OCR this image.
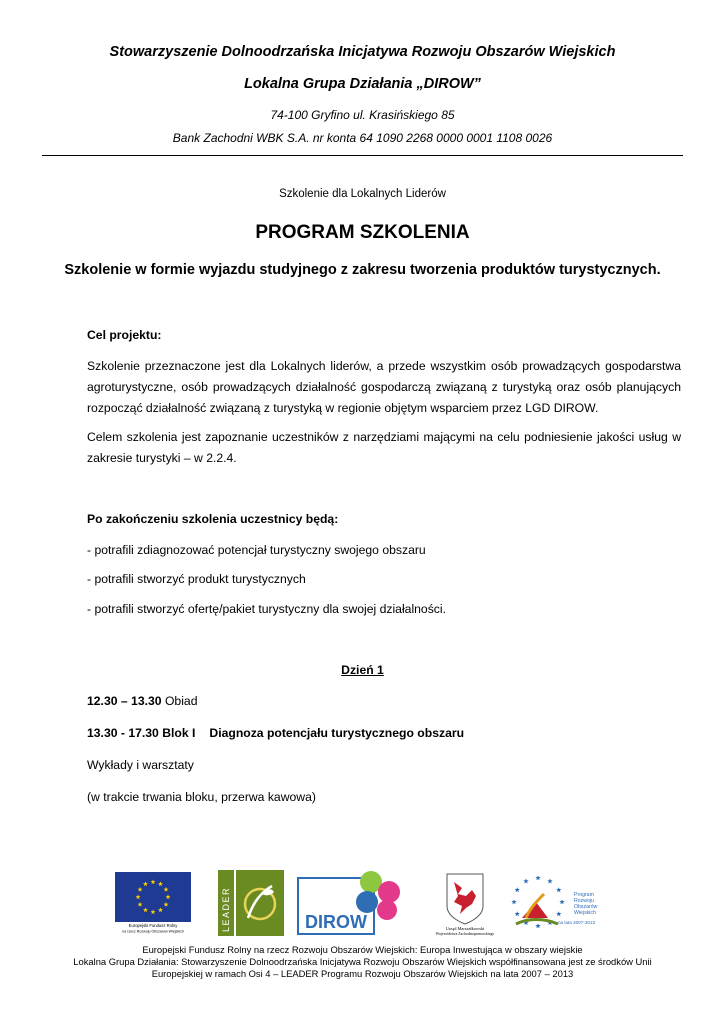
Stowarzyszenie Dolnoodrzańska Inicjatywa Rozwoju Obszarów Wiejskich
Lokalna Grupa Działania „DIROW”
74-100 Gryfino ul. Krasińskiego 85
Bank Zachodni WBK S.A. nr konta 64 1090 2268 0000 0001 1108 0026
Szkolenie dla Lokalnych Liderów
PROGRAM SZKOLENIA
Szkolenie w formie wyjazdu studyjnego z zakresu tworzenia produktów turystycznych.
Cel projektu:
Szkolenie przeznaczone jest dla Lokalnych liderów, a przede wszystkim osób prowadzących gospodarstwa agroturystyczne, osób prowadzących działalność gospodarczą związaną z turystyką oraz osób planujących rozpocząć działalność związaną z turystyką w regionie objętym wsparciem przez LGD DIROW.
Celem szkolenia jest zapoznanie uczestników z narzędziami mającymi na celu podniesienie jakości usług w zakresie turystyki – w 2.2.4.
Po zakończeniu szkolenia uczestnicy będą:
- potrafili zdiagnozować potencjał turystyczny swojego obszaru
- potrafili stworzyć produkt turystycznych
- potrafili stworzyć ofertę/pakiet turystyczny dla swojej działalności.
Dzień 1
12.30 – 13.30 Obiad
13.30 - 17.30 Blok I Diagnoza potencjału turystycznego obszaru
Wykłady i warsztaty
(w trakcie trwania bloku, przerwa kawowa)
Europejski Fundusz Rolny
na rzecz Rozwoju Obszarów Wiejskich	LEADER	DIROW	Urząd Marszałkowski
Województwa Zachodniopomorskiego
Program
Rozwoju
Obszarów
Wiejskich
na lata 2007-2013
Europejski Fundusz Rolny na rzecz Rozwoju Obszarów Wiejskich: Europa Inwestująca w obszary wiejskie
Lokalna Grupa Działania: Stowarzyszenie Dolnoodrzańska Inicjatywa Rozwoju Obszarów Wiejskich współfinansowana jest ze środków Unii
Europejskiej w ramach Osi 4 – LEADER Programu Rozwoju Obszarów Wiejskich na lata 2007 – 2013
